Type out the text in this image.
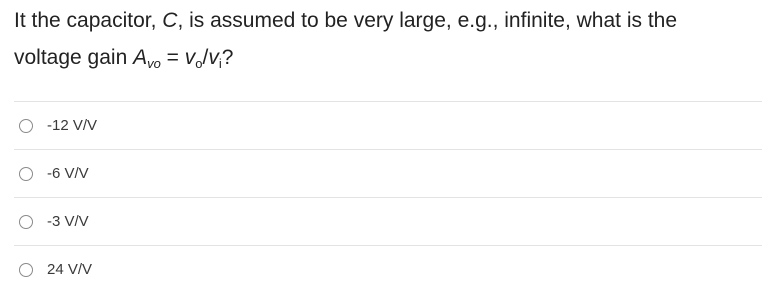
It the capacitor, C, is assumed to be very large, e.g., infinite, what is the
voltage gain $A_{vo} = v_o/v_i$?
-12 V/V
-6 V/V
-3 V/V
24 V/V
